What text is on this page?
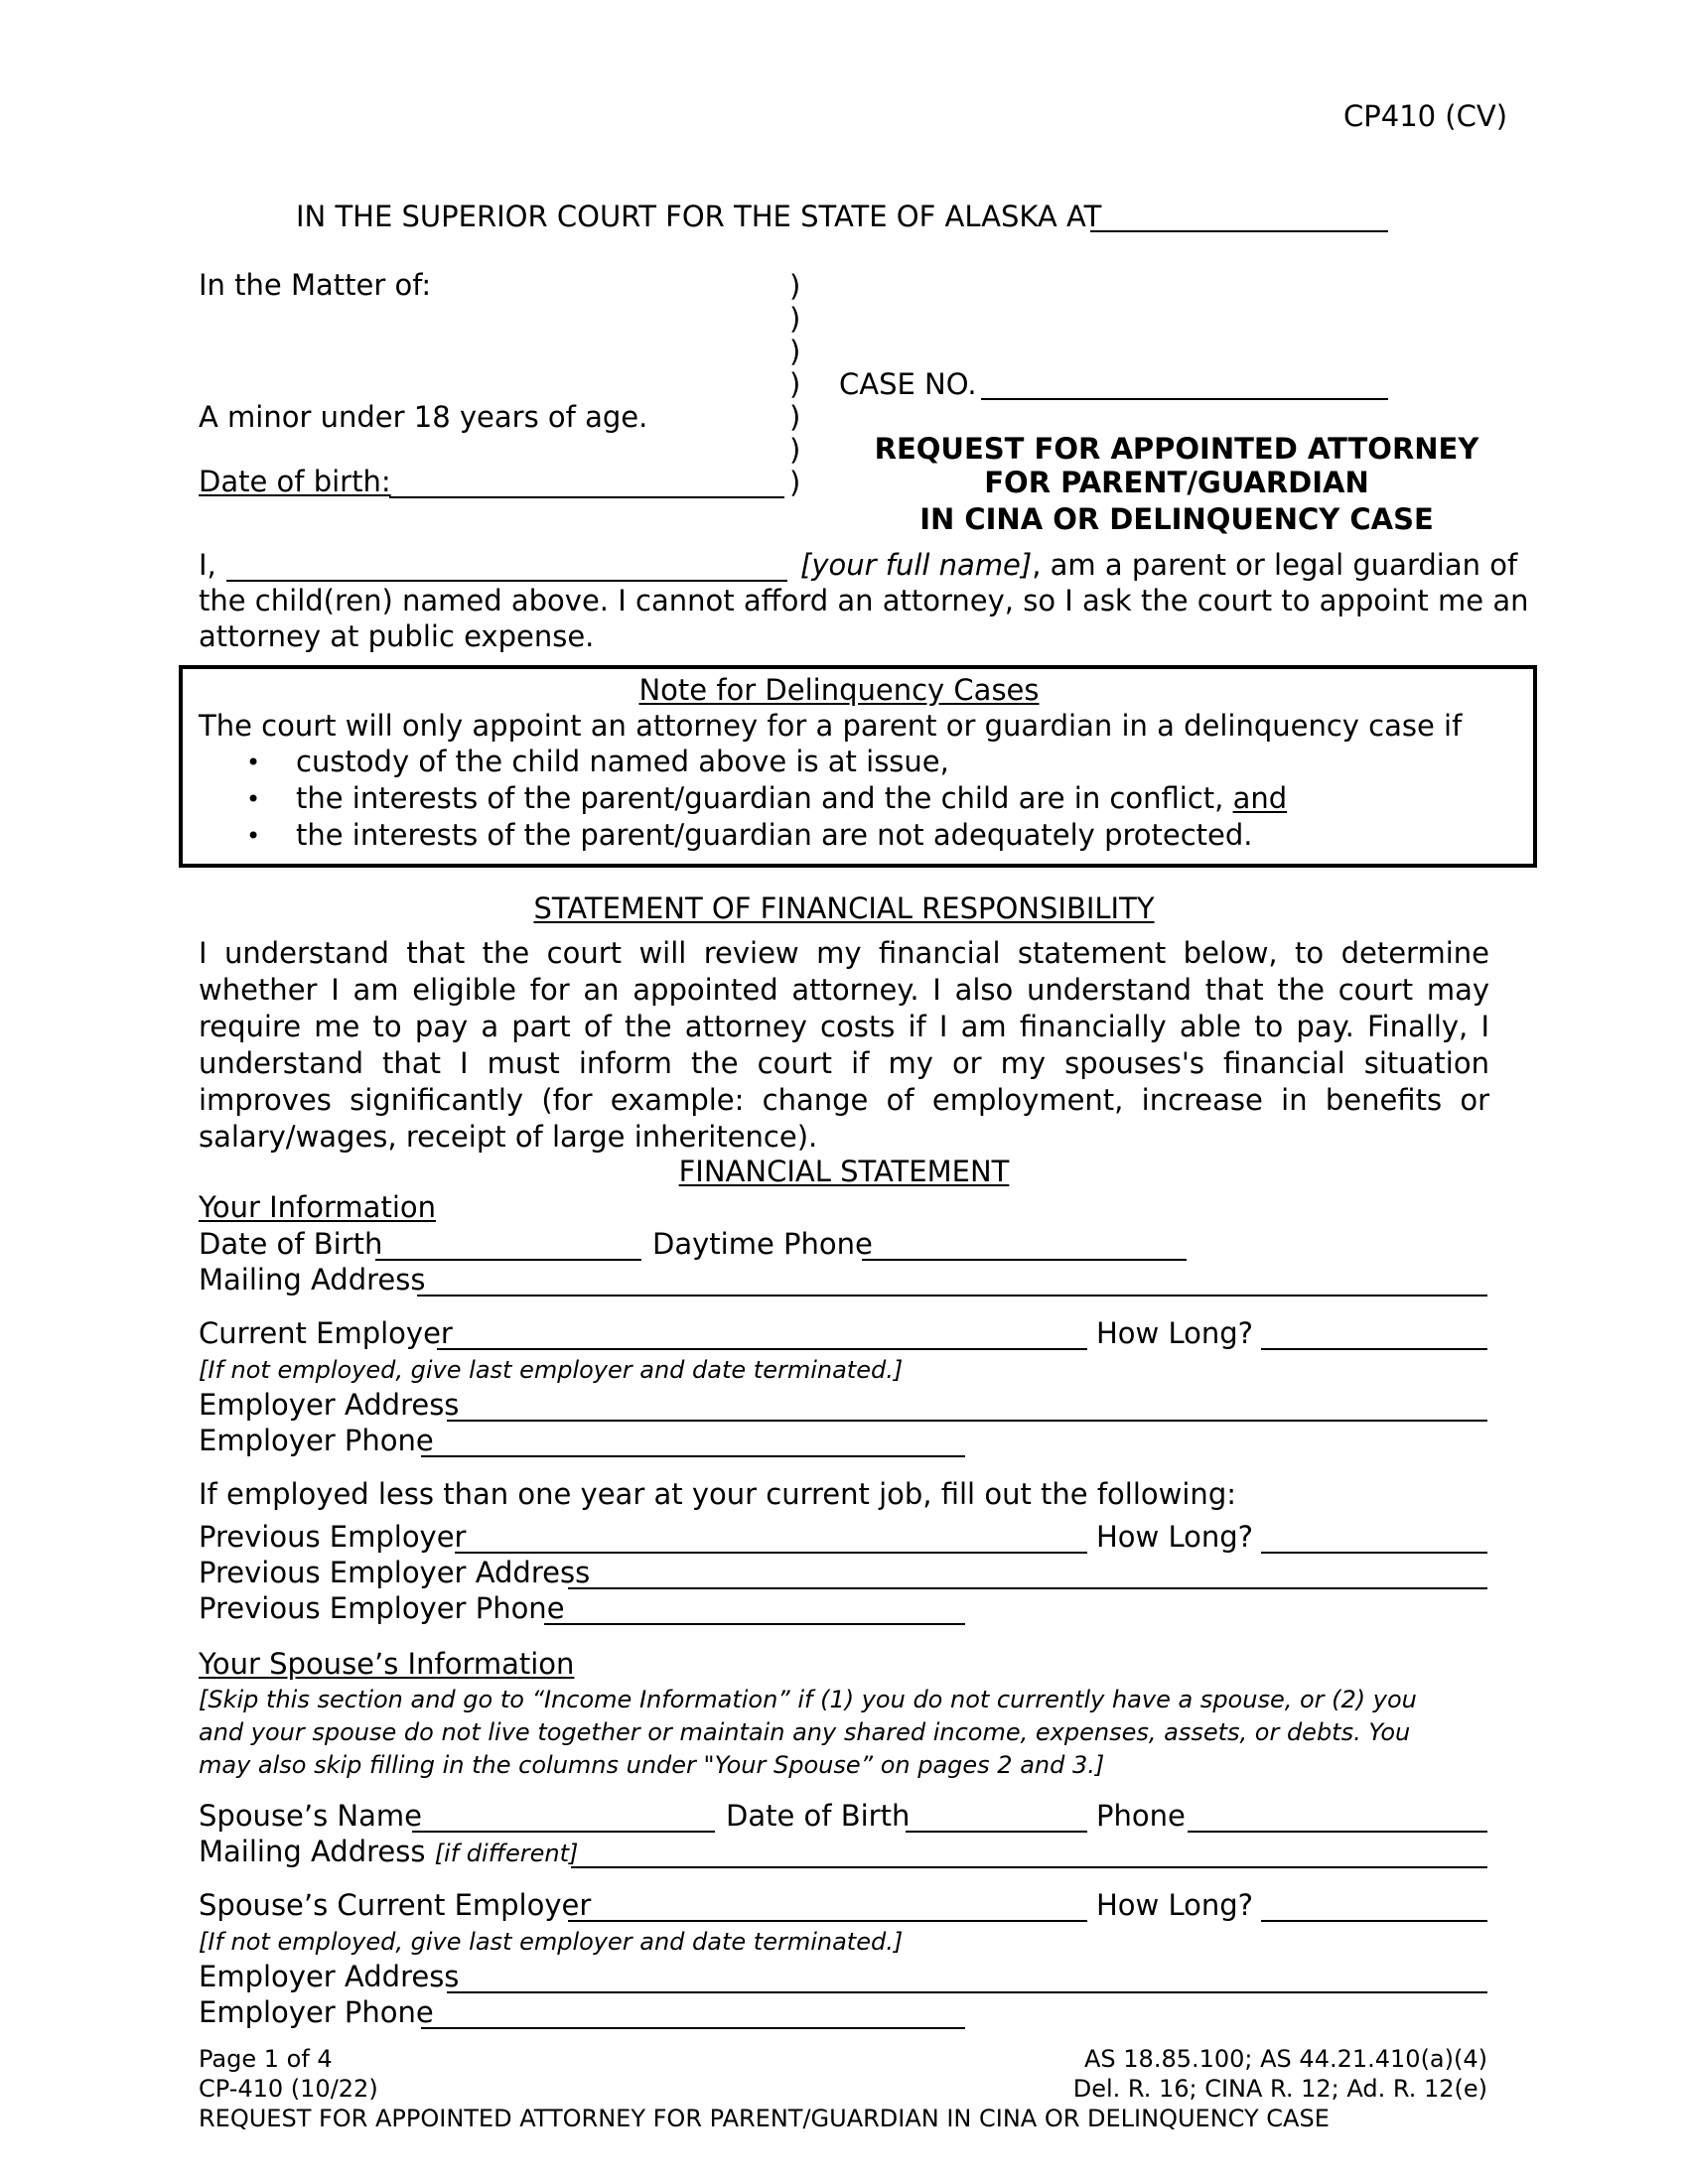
CP410 (CV)
IN THE SUPERIOR COURT FOR THE STATE OF ALASKA AT
In the Matter of:
A minor under 18 years of age.
Date of birth:
)
)
)
)
)
)
)
CASE NO.
REQUEST FOR APPOINTED ATTORNEY
FOR PARENT/GUARDIAN
IN CINA OR DELINQUENCY CASE
I,	[your full name], am a parent or legal guardian of
the child(ren) named above. I cannot afford an attorney, so I ask the court to appoint me an
attorney at public expense.
Note for Delinquency Cases
The court will only appoint an attorney for a parent or guardian in a delinquency case if
• custody of the child named above is at issue,
• the interests of the parent/guardian and the child are in conflict, and
• the interests of the parent/guardian are not adequately protected.
STATEMENT OF FINANCIAL RESPONSIBILITY
I understand that the court will review my financial statement below, to determine whether I am eligible for an appointed attorney. I also understand that the court may require me to pay a part of the attorney costs if I am financially able to pay. Finally, I understand that I must inform the court if my or my spouses's financial situation improves significantly (for example: change of employment, increase in benefits or salary/wages, receipt of large inheritence).
FINANCIAL STATEMENT
Your Information
Date of Birth	Daytime Phone
Mailing Address
Current Employer	How Long?
[If not employed, give last employer and date terminated.]
Employer Address
Employer Phone
If employed less than one year at your current job, fill out the following:
Previous Employer	How Long?
Previous Employer Address
Previous Employer Phone
Your Spouse’s Information
[Skip this section and go to “Income Information” if (1) you do not currently have a spouse, or (2) you
and your spouse do not live together or maintain any shared income, expenses, assets, or debts. You
may also skip filling in the columns under "Your Spouse” on pages 2 and 3.]
Spouse’s Name	Date of Birth	Phone
Mailing Address [if different]
Spouse’s Current Employer	How Long?
[If not employed, give last employer and date terminated.]
Employer Address
Employer Phone
Page 1 of 4
CP-410 (10/22)
REQUEST FOR APPOINTED ATTORNEY FOR PARENT/GUARDIAN IN CINA OR DELINQUENCY CASE
AS 18.85.100; AS 44.21.410(a)(4)
Del. R. 16; CINA R. 12; Ad. R. 12(e)
